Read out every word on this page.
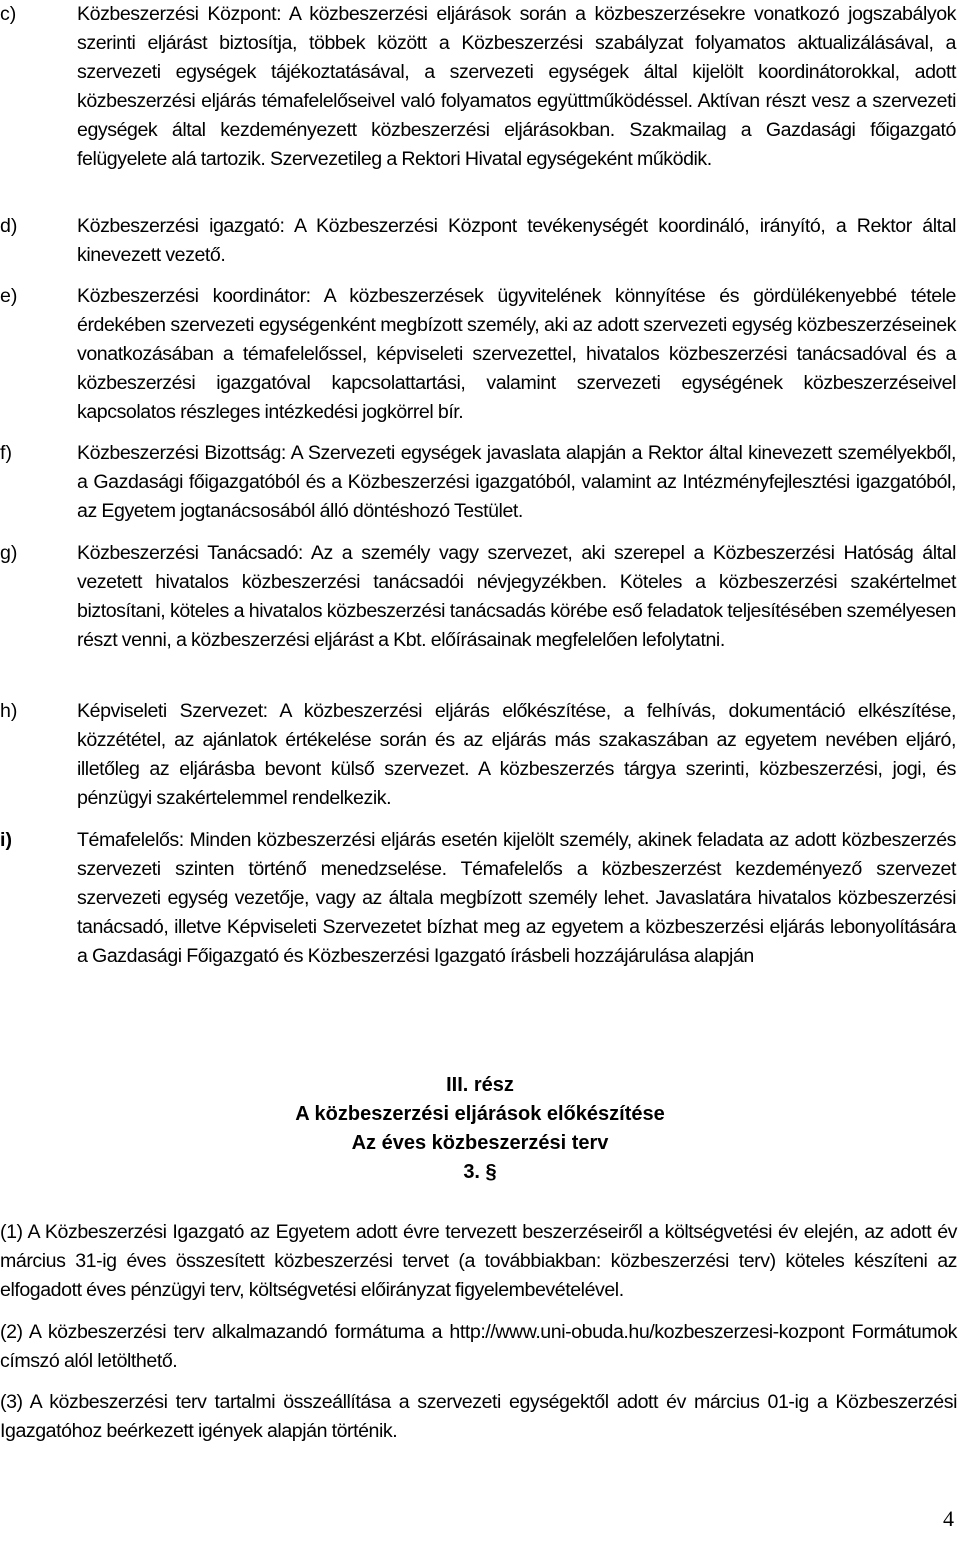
c)	Közbeszerzési Központ: A közbeszerzési eljárások során a közbeszerzésekre vonatkozó jogszabályok szerinti eljárást biztosítja, többek között a Közbeszerzési szabályzat folyamatos aktualizálásával, a szervezeti egységek tájékoztatásával, a szervezeti egységek által kijelölt koordinátorokkal, adott közbeszerzési eljárás témafelelőseivel való folyamatos együttműködéssel. Aktívan részt vesz a szervezeti egységek által kezdeményezett közbeszerzési eljárásokban. Szakmailag a Gazdasági főigazgató felügyelete alá tartozik. Szervezetileg a Rektori Hivatal egységeként működik.
d)	Közbeszerzési igazgató: A Közbeszerzési Központ tevékenységét koordináló, irányító, a Rektor által kinevezett vezető.
e)	Közbeszerzési koordinátor: A közbeszerzések ügyvitelének könnyítése és gördülékenyebbé tétele érdekében szervezeti egységenként megbízott személy, aki az adott szervezeti egység közbeszerzéseinek vonatkozásában a témafelelőssel, képviseleti szervezettel, hivatalos közbeszerzési tanácsadóval és a közbeszerzési igazgatóval kapcsolattartási, valamint szervezeti egységének közbeszerzéseivel kapcsolatos részleges intézkedési jogkörrel bír.
f)	Közbeszerzési Bizottság: A Szervezeti egységek javaslata alapján a Rektor által kinevezett személyekből, a Gazdasági főigazgatóból és a Közbeszerzési igazgatóból, valamint az Intézményfejlesztési igazgatóból, az Egyetem jogtanácsosából álló döntéshozó Testület.
g)	Közbeszerzési Tanácsadó: Az a személy vagy szervezet, aki szerepel a Közbeszerzési Hatóság által vezetett hivatalos közbeszerzési tanácsadói névjegyzékben. Köteles a közbeszerzési szakértelmet biztosítani, köteles a hivatalos közbeszerzési tanácsadás körébe eső feladatok teljesítésében személyesen részt venni, a közbeszerzési eljárást a Kbt. előírásainak megfelelően lefolytatni.
h)	Képviseleti Szervezet: A közbeszerzési eljárás előkészítése, a felhívás, dokumentáció elkészítése, közzététel, az ajánlatok értékelése során és az eljárás más szakaszában az egyetem nevében eljáró, illetőleg az eljárásba bevont külső szervezet. A közbeszerzés tárgya szerinti, közbeszerzési, jogi, és pénzügyi szakértelemmel rendelkezik.
i)	Témafelelős: Minden közbeszerzési eljárás esetén kijelölt személy, akinek feladata az adott közbeszerzés szervezeti szinten történő menedzselése. Témafelelős a közbeszerzést kezdeményező szervezet szervezeti egység vezetője, vagy az általa megbízott személy lehet. Javaslatára hivatalos közbeszerzési tanácsadó, illetve Képviseleti Szervezetet bízhat meg az egyetem a közbeszerzési eljárás lebonyolítására a Gazdasági Főigazgató és Közbeszerzési Igazgató írásbeli hozzájárulása alapján
III. rész
A közbeszerzési eljárások előkészítése
Az éves közbeszerzési terv
3. §
(1) A Közbeszerzési Igazgató az Egyetem adott évre tervezett beszerzéseiről a költségvetési év elején, az adott év március 31-ig éves összesített közbeszerzési tervet (a továbbiakban: közbeszerzési terv) köteles készíteni az elfogadott éves pénzügyi terv, költségvetési előirányzat figyelembevételével.
(2) A közbeszerzési terv alkalmazandó formátuma a http://www.uni-obuda.hu/kozbeszerzesi-kozpont Formátumok címszó alól letölthető.
(3) A közbeszerzési terv tartalmi összeállítása a szervezeti egységektől adott év március 01-ig a Közbeszerzési Igazgatóhoz beérkezett igények alapján történik.
4
